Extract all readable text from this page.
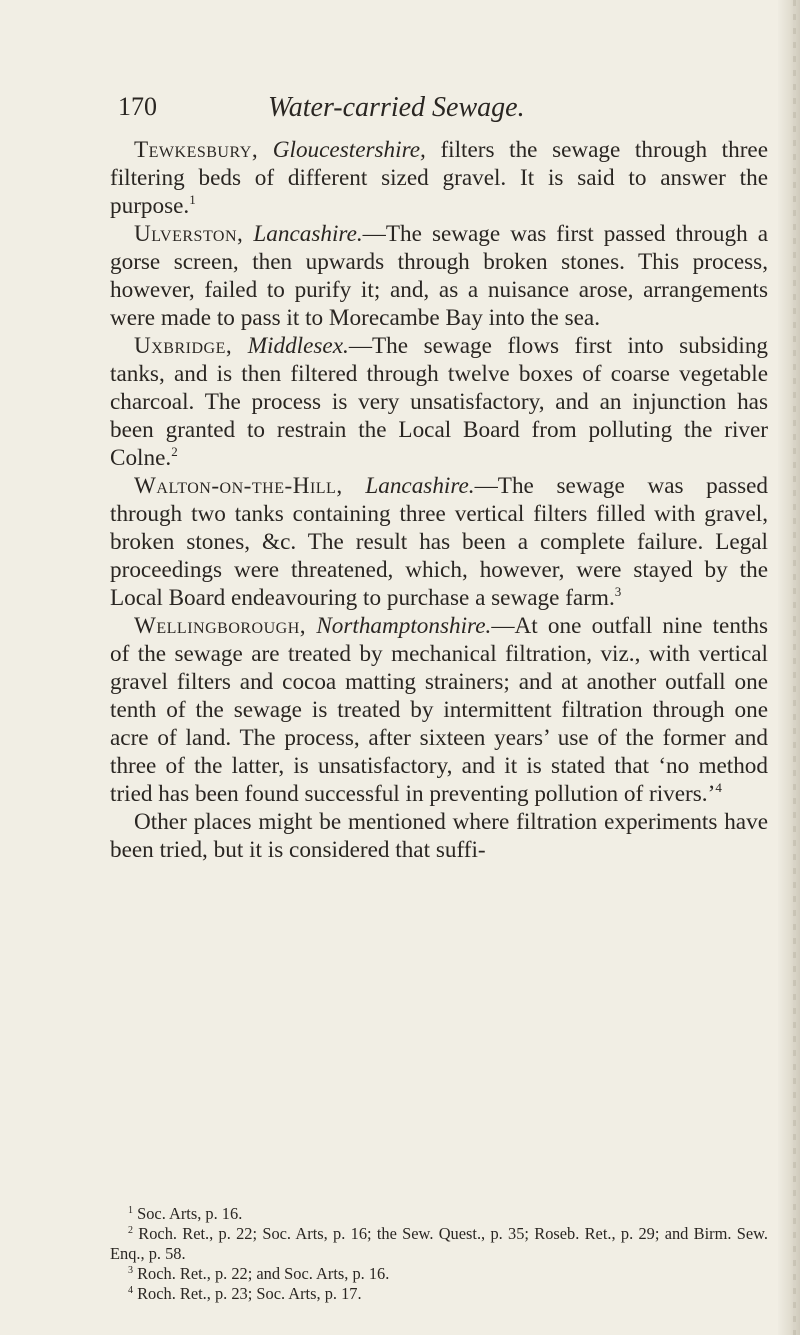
170	Water-carried Sewage.

Tewkesbury, Gloucestershire, filters the sewage through three filtering beds of different sized gravel. It is said to answer the purpose.$^1$

Ulverston, Lancashire.—The sewage was first passed through a gorse screen, then upwards through broken stones. This process, however, failed to purify it; and, as a nuisance arose, arrangements were made to pass it to Morecambe Bay into the sea.

Uxbridge, Middlesex.—The sewage flows first into subsiding tanks, and is then filtered through twelve boxes of coarse vegetable charcoal. The process is very unsatisfactory, and an injunction has been granted to restrain the Local Board from polluting the river Colne.$^2$

Walton-on-the-Hill, Lancashire.—The sewage was passed through two tanks containing three vertical filters filled with gravel, broken stones, &c. The result has been a complete failure. Legal proceedings were threatened, which, however, were stayed by the Local Board endeavouring to purchase a sewage farm.$^3$

Wellingborough, Northamptonshire.—At one outfall nine tenths of the sewage are treated by mechanical filtration, viz., with vertical gravel filters and cocoa matting strainers; and at another outfall one tenth of the sewage is treated by intermittent filtration through one acre of land. The process, after sixteen years’ use of the former and three of the latter, is unsatisfactory, and it is stated that ‘no method tried has been found successful in preventing pollution of rivers.’$^4$

Other places might be mentioned where filtration experiments have been tried, but it is considered that suffi-

$^1$ Soc. Arts, p. 16.

$^2$ Roch. Ret., p. 22; Soc. Arts, p. 16; the Sew. Quest., p. 35; Roseb. Ret., p. 29; and Birm. Sew. Enq., p. 58.

$^3$ Roch. Ret., p. 22; and Soc. Arts, p. 16.

$^4$ Roch. Ret., p. 23; Soc. Arts, p. 17.
